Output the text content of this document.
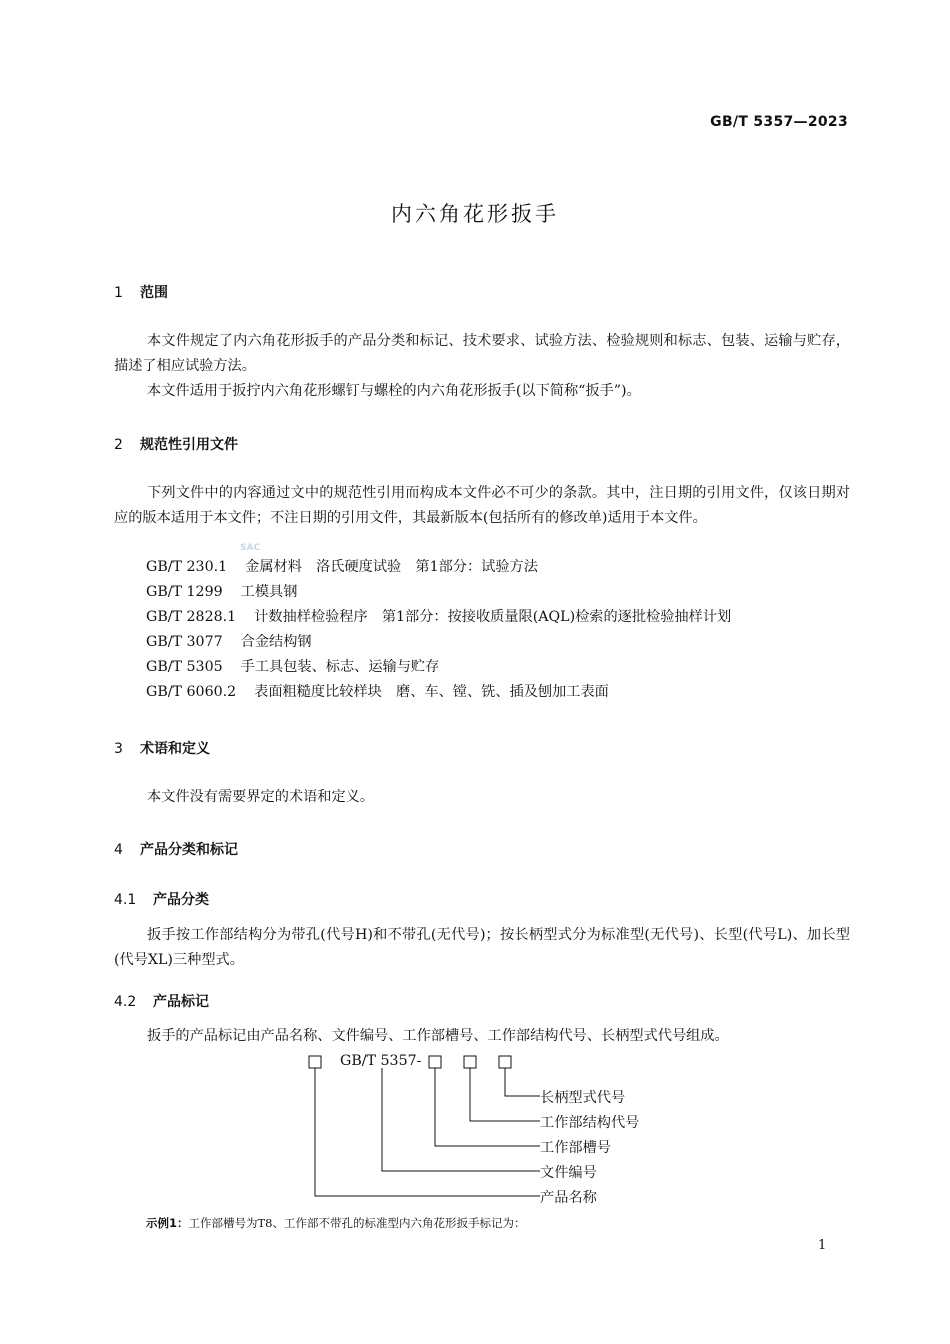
GB/T 5357—2023
内六角花形扳手
1 范围
本文件规定了内六角花形扳手的产品分类和标记、技术要求、试验方法、检验规则和标志、包装、运输与贮存，描述了相应试验方法。
本文件适用于扳拧内六角花形螺钉与螺栓的内六角花形扳手(以下简称“扳手”)。
2 规范性引用文件
下列文件中的内容通过文中的规范性引用而构成本文件必不可少的条款。其中，注日期的引用文件，仅该日期对应的版本适用于本文件；不注日期的引用文件，其最新版本(包括所有的修改单)适用于本文件。
GB/T 230.1 金属材料　洛氏硬度试验　第1部分：试验方法
GB/T 1299 工模具钢
GB/T 2828.1 计数抽样检验程序　第1部分：按接收质量限(AQL)检索的逐批检验抽样计划
GB/T 3077 合金结构钢
GB/T 5305 手工具包装、标志、运输与贮存
GB/T 6060.2 表面粗糙度比较样块　磨、车、镗、铣、插及刨加工表面
SAC
3 术语和定义
本文件没有需要界定的术语和定义。
4 产品分类和标记
4.1 产品分类
扳手按工作部结构分为带孔(代号H)和不带孔(无代号)；按长柄型式分为标准型(无代号)、长型(代号L)、加长型(代号XL)三种型式。
4.2 产品标记
扳手的产品标记由产品名称、文件编号、工作部槽号、工作部结构代号、长柄型式代号组成。
GB/T 5357-
长柄型式代号
工作部结构代号
工作部槽号
文件编号
产品名称
示例1：工作部槽号为T8、工作部不带孔的标准型内六角花形扳手标记为：
1
